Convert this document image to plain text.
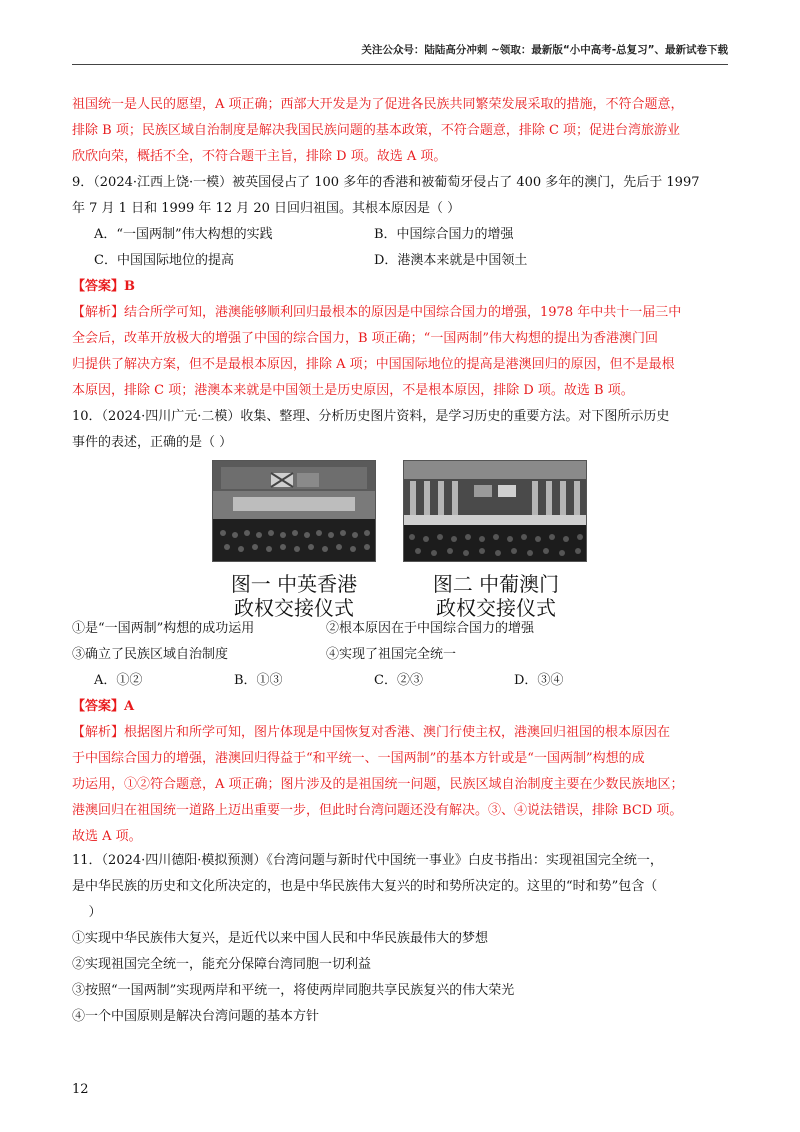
关注公众号：陆陆高分冲刺 ~领取：最新版“小中高考-总复习”、最新试卷下载
祖国统一是人民的愿望，A 项正确；西部大开发是为了促进各民族共同繁荣发展采取的措施，不符合题意，
排除 B 项；民族区域自治制度是解决我国民族问题的基本政策，不符合题意，排除 C 项；促进台湾旅游业
欣欣向荣，概括不全，不符合题干主旨，排除 D 项。故选 A 项。
9．（2024·江西上饶·一模）被英国侵占了 100 多年的香港和被葡萄牙侵占了 400 多年的澳门，先后于 1997
年 7 月 1 日和 1999 年 12 月 20 日回归祖国。其根本原因是（ ）
A．“一国两制”伟大构想的实践	B．中国综合国力的增强
C．中国国际地位的提高	D．港澳本来就是中国领土
【答案】B
【解析】结合所学可知，港澳能够顺利回归最根本的原因是中国综合国力的增强，1978 年中共十一届三中
全会后，改革开放极大的增强了中国的综合国力，B 项正确；“一国两制”伟大构想的提出为香港澳门回
归提供了解决方案，但不是最根本原因，排除 A 项；中国国际地位的提高是港澳回归的原因，但不是最根
本原因，排除 C 项；港澳本来就是中国领土是历史原因，不是根本原因，排除 D 项。故选 B 项。
10．（2024·四川广元·二模）收集、整理、分析历史图片资料，是学习历史的重要方法。对下图所示历史
事件的表述，正确的是（ ）
图一 中英香港
政权交接仪式
图二 中葡澳门
政权交接仪式
①是“一国两制”构想的成功运用	②根本原因在于中国综合国力的增强
③确立了民族区域自治制度	④实现了祖国完全统一
A．①②	B．①③	C．②③	D．③④
【答案】A
【解析】根据图片和所学可知，图片体现是中国恢复对香港、澳门行使主权，港澳回归祖国的根本原因在
于中国综合国力的增强，港澳回归得益于“和平统一、一国两制”的基本方针或是“一国两制”构想的成
功运用，①②符合题意，A 项正确；图片涉及的是祖国统一问题，民族区域自治制度主要在少数民族地区；
港澳回归在祖国统一道路上迈出重要一步，但此时台湾问题还没有解决。③、④说法错误，排除 BCD 项。
故选 A 项。
11．（2024·四川德阳·模拟预测）《台湾问题与新时代中国统一事业》白皮书指出：实现祖国完全统一，
是中华民族的历史和文化所决定的，也是中华民族伟大复兴的时和势所决定的。这里的“时和势”包含（
）
①实现中华民族伟大复兴，是近代以来中国人民和中华民族最伟大的梦想
②实现祖国完全统一，能充分保障台湾同胞一切利益
③按照“一国两制”实现两岸和平统一，将使两岸同胞共享民族复兴的伟大荣光
④一个中国原则是解决台湾问题的基本方针
12
